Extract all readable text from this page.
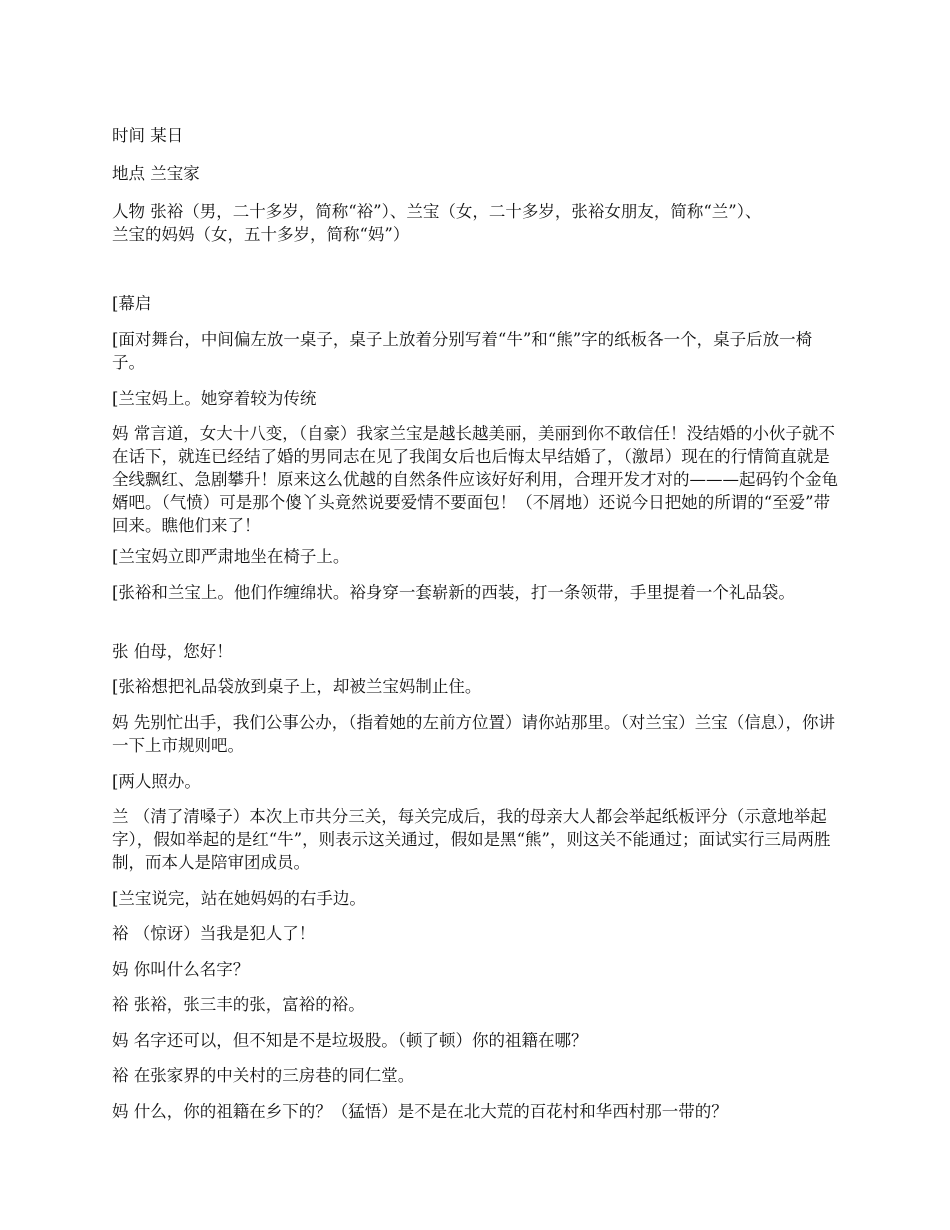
时间 某日

地点 兰宝家

人物 张裕（男，二十多岁，简称“裕”）、兰宝（女，二十多岁，张裕女朋友，简称“兰”）、兰宝的妈妈（女，五十多岁，简称“妈”）

[幕启

[面对舞台，中间偏左放一桌子，桌子上放着分别写着“牛”和“熊”字的纸板各一个，桌子后放一椅子。

[兰宝妈上。她穿着较为传统

妈 常言道，女大十八变，（自豪）我家兰宝是越长越美丽，美丽到你不敢信任！没结婚的小伙子就不在话下，就连已经结了婚的男同志在见了我闺女后也后悔太早结婚了，（激昂）现在的行情简直就是全线飘红、急剧攀升！原来这么优越的自然条件应该好好利用，合理开发才对的———起码钓个金龟婿吧。（气愤）可是那个傻丫头竟然说要爱情不要面包！（不屑地）还说今日把她的所谓的“至爱”带回来。瞧他们来了！

[兰宝妈立即严肃地坐在椅子上。

[张裕和兰宝上。他们作缠绵状。裕身穿一套崭新的西装，打一条领带，手里提着一个礼品袋。

张 伯母，您好！

[张裕想把礼品袋放到桌子上，却被兰宝妈制止住。

妈 先别忙出手，我们公事公办，（指着她的左前方位置）请你站那里。（对兰宝）兰宝（信息），你讲一下上市规则吧。

[两人照办。

兰 （清了清嗓子）本次上市共分三关，每关完成后，我的母亲大人都会举起纸板评分（示意地举起字），假如举起的是红“牛”，则表示这关通过，假如是黑“熊”，则这关不能通过；面试实行三局两胜制，而本人是陪审团成员。

[兰宝说完，站在她妈妈的右手边。

裕 （惊讶）当我是犯人了！

妈 你叫什么名字？

裕 张裕，张三丰的张，富裕的裕。

妈 名字还可以，但不知是不是垃圾股。（顿了顿）你的祖籍在哪？

裕 在张家界的中关村的三房巷的同仁堂。

妈 什么，你的祖籍在乡下的？（猛悟）是不是在北大荒的百花村和华西村那一带的？
